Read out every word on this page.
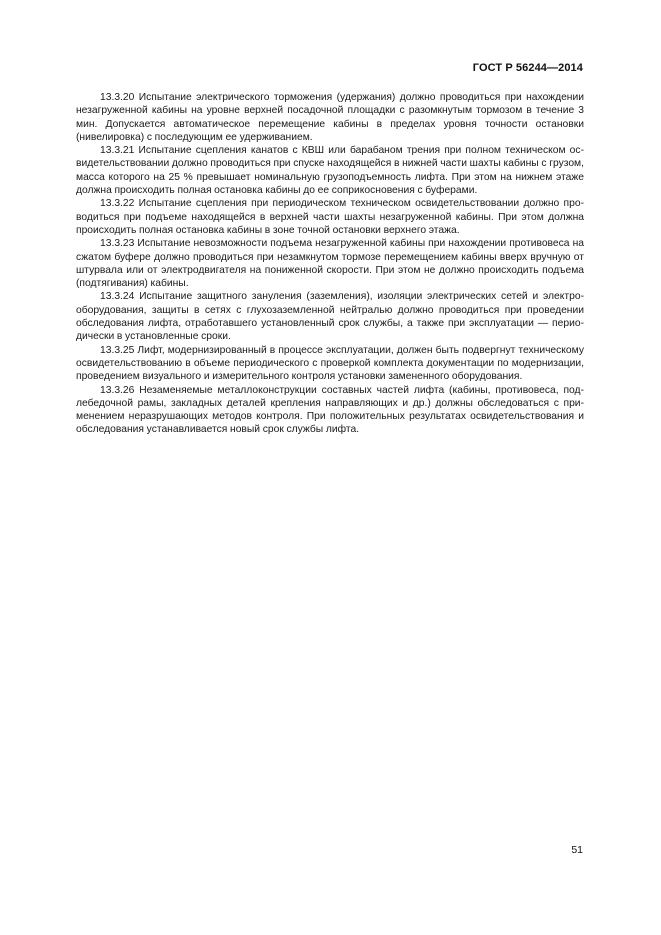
ГОСТ Р 56244—2014

13.3.20 Испытание электрического торможения (удержания) должно проводиться при нахождении незагруженной кабины на уровне верхней посадочной площадки с разомкнутым тормозом в течение 3 мин. Допускается автоматическое перемещение кабины в пределах уровня точности остановки (нивелировка) с последующим ее удерживанием.

13.3.21 Испытание сцепления канатов с КВШ или барабаном трения при полном техническом освидетельствовании должно проводиться при спуске находящейся в нижней части шахты кабины с грузом, масса которого на 25 % превышает номинальную грузоподъемность лифта. При этом на нижнем этаже должна происходить полная остановка кабины до ее соприкосновения с буферами.

13.3.22 Испытание сцепления при периодическом техническом освидетельствовании должно проводиться при подъеме находящейся в верхней части шахты незагруженной кабины. При этом должна происходить полная остановка кабины в зоне точной остановки верхнего этажа.

13.3.23 Испытание невозможности подъема незагруженной кабины при нахождении противовеса на сжатом буфере должно проводиться при незамкнутом тормозе перемещением кабины вверх вручную от штурвала или от электродвигателя на пониженной скорости. При этом не должно происходить подъема (подтягивания) кабины.

13.3.24 Испытание защитного зануления (заземления), изоляции электрических сетей и электрооборудования, защиты в сетях с глухозаземленной нейтралью должно проводиться при проведении обследования лифта, отработавшего установленный срок службы, а также при эксплуатации — периодически в установленные сроки.

13.3.25 Лифт, модернизированный в процессе эксплуатации, должен быть подвергнут техническому освидетельствованию в объеме периодического с проверкой комплекта документации по модернизации, проведением визуального и измерительного контроля установки замененного оборудования.

13.3.26 Незаменяемые металлоконструкции составных частей лифта (кабины, противовеса, подлебедочной рамы, закладных деталей крепления направляющих и др.) должны обследоваться с применением неразрушающих методов контроля. При положительных результатах освидетельствования и обследования устанавливается новый срок службы лифта.

51
